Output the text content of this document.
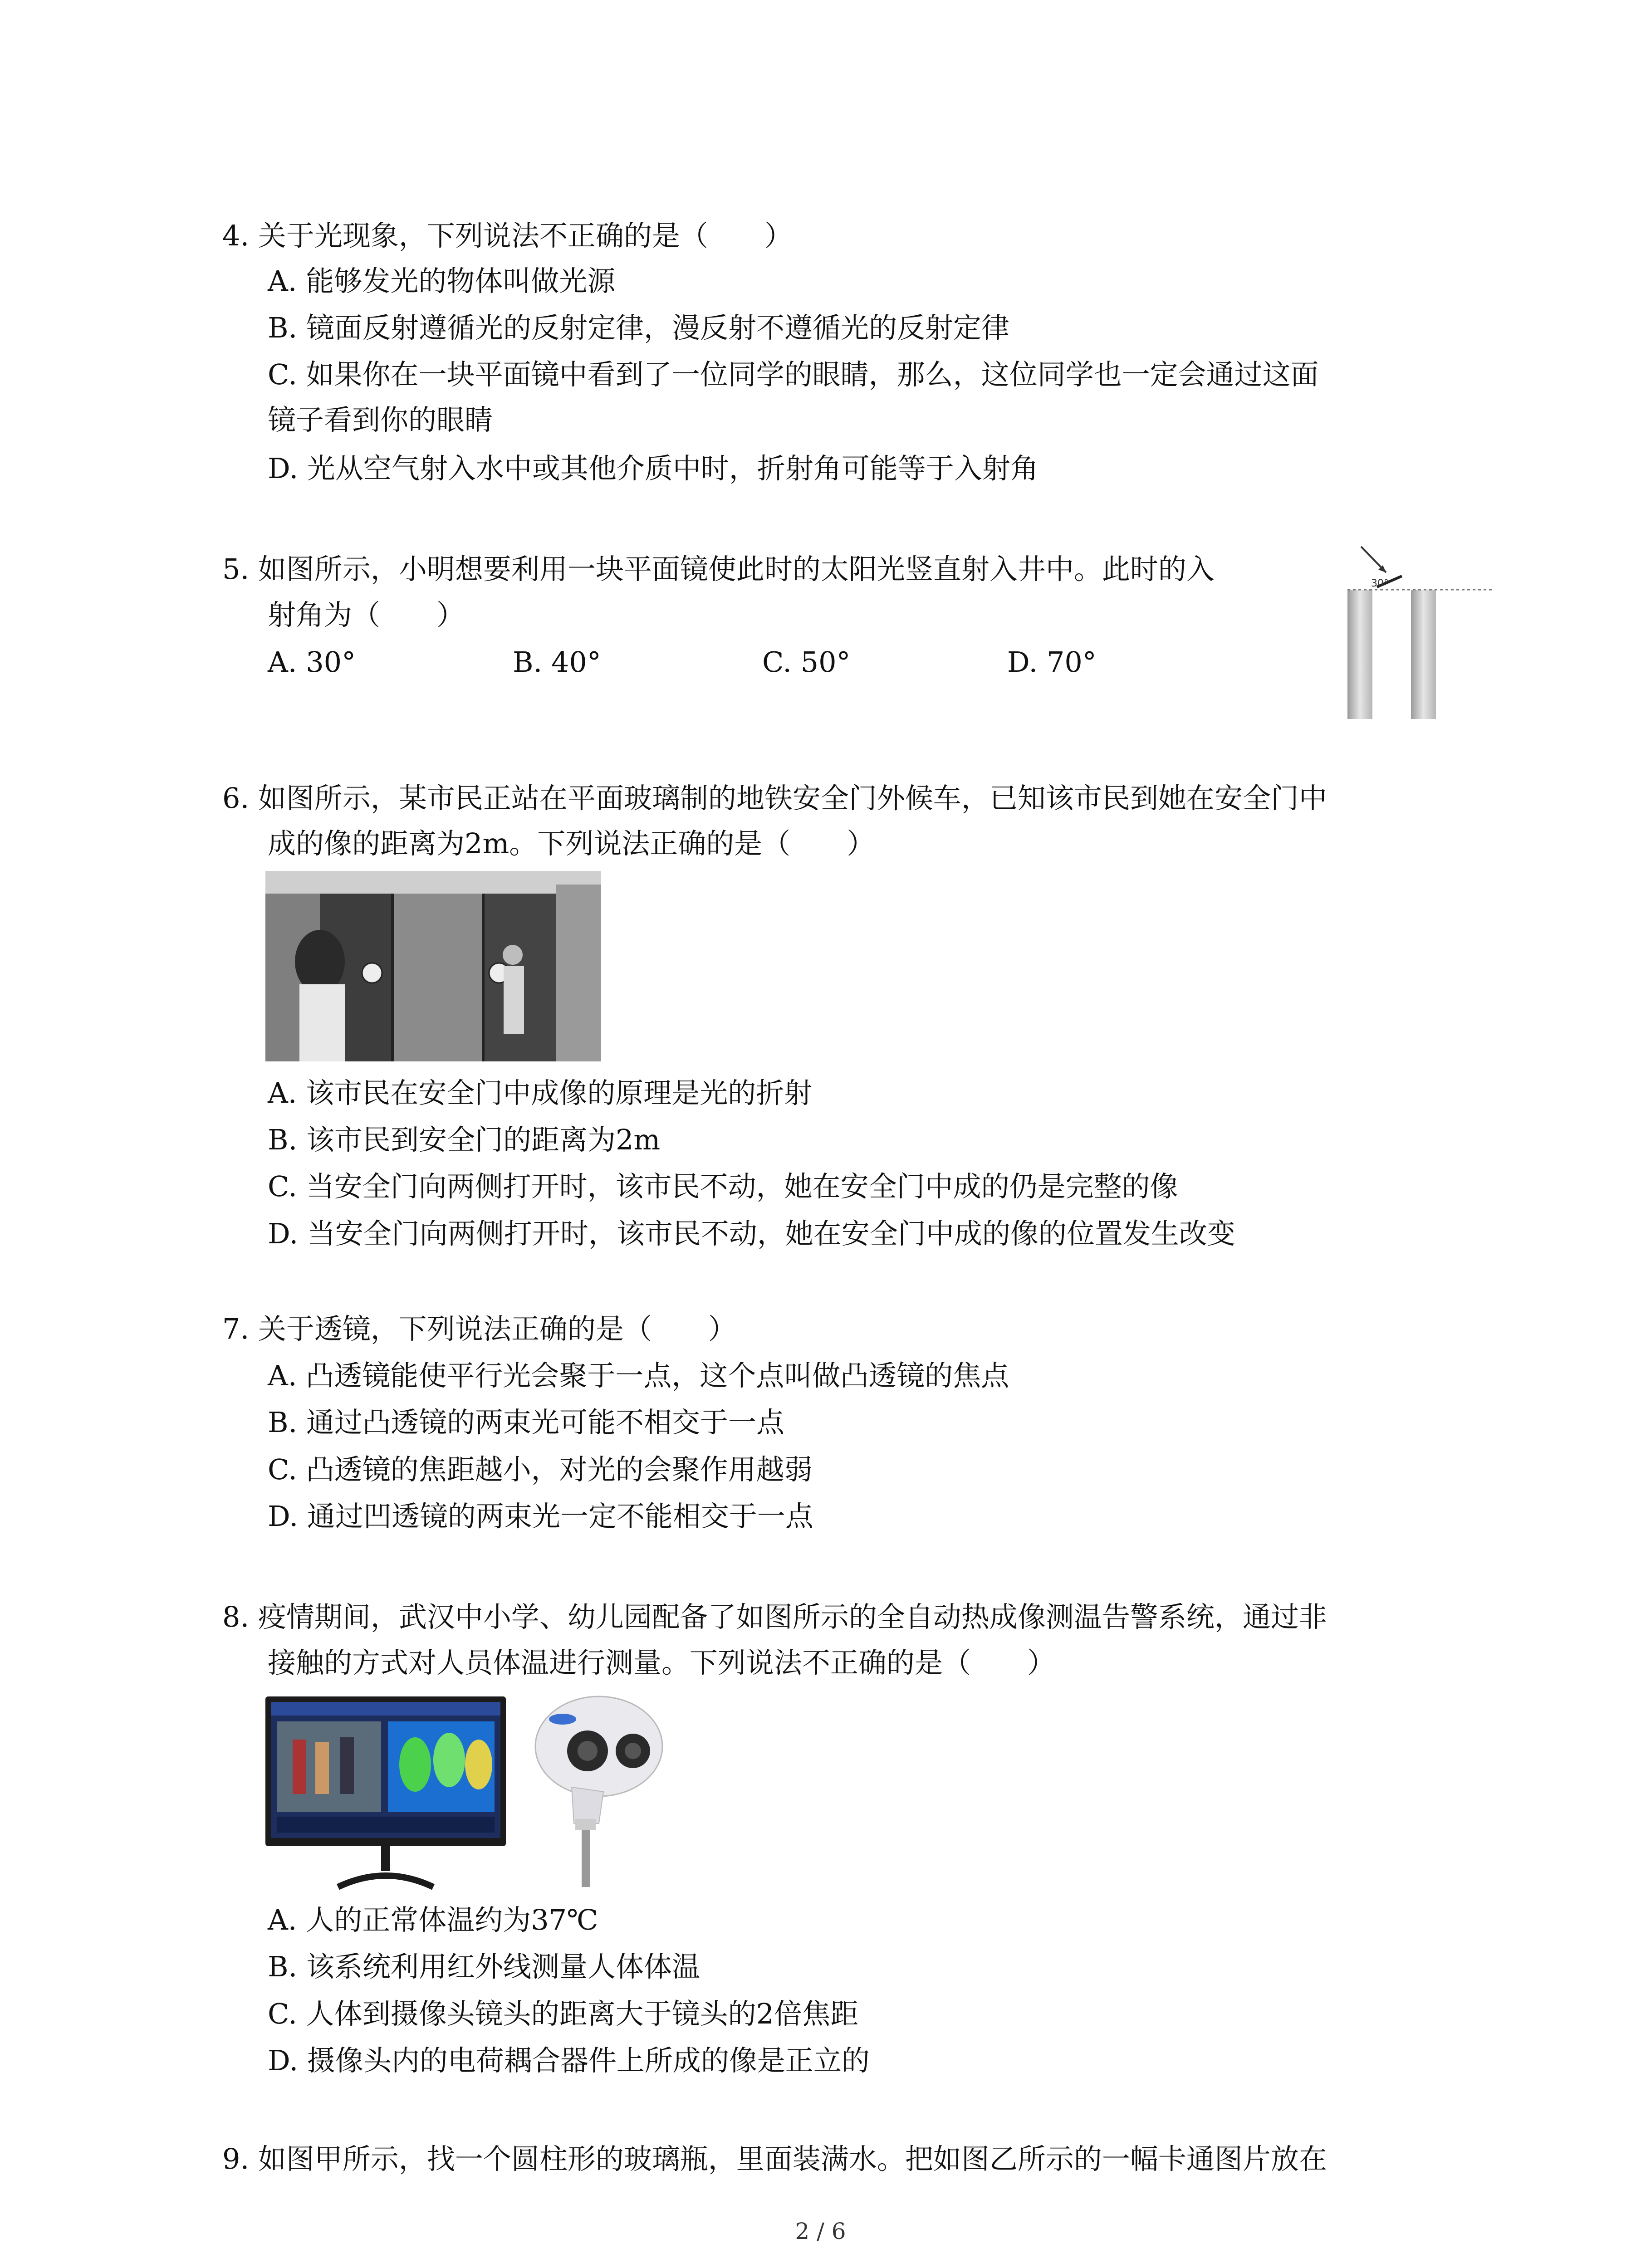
4. 关于光现象，下列说法不正确的是（　　）
A. 能够发光的物体叫做光源
B. 镜面反射遵循光的反射定律，漫反射不遵循光的反射定律
C. 如果你在一块平面镜中看到了一位同学的眼睛，那么，这位同学也一定会通过这面
镜子看到你的眼睛
D. 光从空气射入水中或其他介质中时，折射角可能等于入射角
5. 如图所示，小明想要利用一块平面镜使此时的太阳光竖直射入井中。此时的入
射角为（　　）
A. 30°	B. 40°	C. 50°	D. 70°
30°
6. 如图所示，某市民正站在平面玻璃制的地铁安全门外候车，已知该市民到她在安全门中
成的像的距离为2m。下列说法正确的是（　　）
A. 该市民在安全门中成像的原理是光的折射
B. 该市民到安全门的距离为2m
C. 当安全门向两侧打开时，该市民不动，她在安全门中成的仍是完整的像
D. 当安全门向两侧打开时，该市民不动，她在安全门中成的像的位置发生改变
7. 关于透镜，下列说法正确的是（　　）
A. 凸透镜能使平行光会聚于一点，这个点叫做凸透镜的焦点
B. 通过凸透镜的两束光可能不相交于一点
C. 凸透镜的焦距越小，对光的会聚作用越弱
D. 通过凹透镜的两束光一定不能相交于一点
8. 疫情期间，武汉中小学、幼儿园配备了如图所示的全自动热成像测温告警系统，通过非
接触的方式对人员体温进行测量。下列说法不正确的是（　　）
A. 人的正常体温约为37℃
B. 该系统利用红外线测量人体体温
C. 人体到摄像头镜头的距离大于镜头的2倍焦距
D. 摄像头内的电荷耦合器件上所成的像是正立的
9. 如图甲所示，找一个圆柱形的玻璃瓶，里面装满水。把如图乙所示的一幅卡通图片放在
2 / 6
